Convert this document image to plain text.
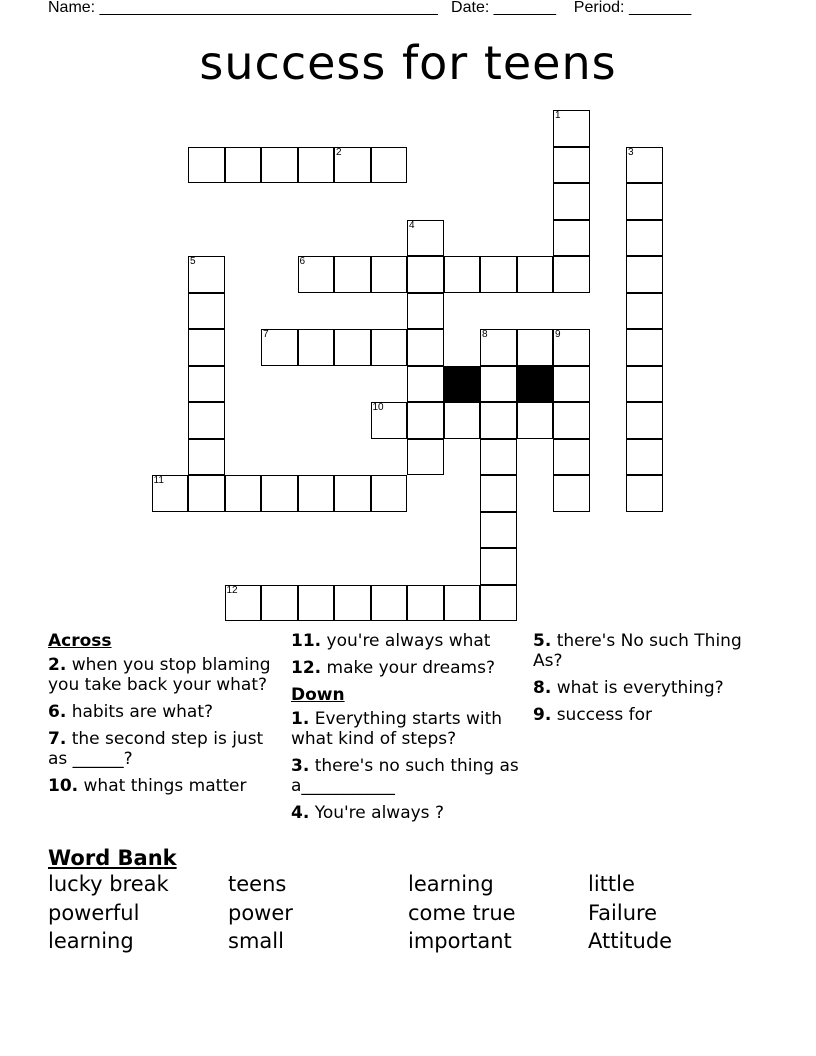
Name: ______________________________________   Date: _______    Period: _______
success for teens
1
2	3
4
5	6
7	8
10
9
11
12
Across
2. when you stop blaming you take back your what?
6. habits are what?
7. the second step is just as ______?
10. what things matter
11. you're always what
12. make your dreams?
Down
1. Everything starts with what kind of steps?
3. there's no such thing as a___________
4. You're always ?
5. there's No such Thing As?
8. what is everything?
9. success for
Word Bank
lucky break	teens	learning	little
powerful	power	come true	Failure
learning	small	important	Attitude
